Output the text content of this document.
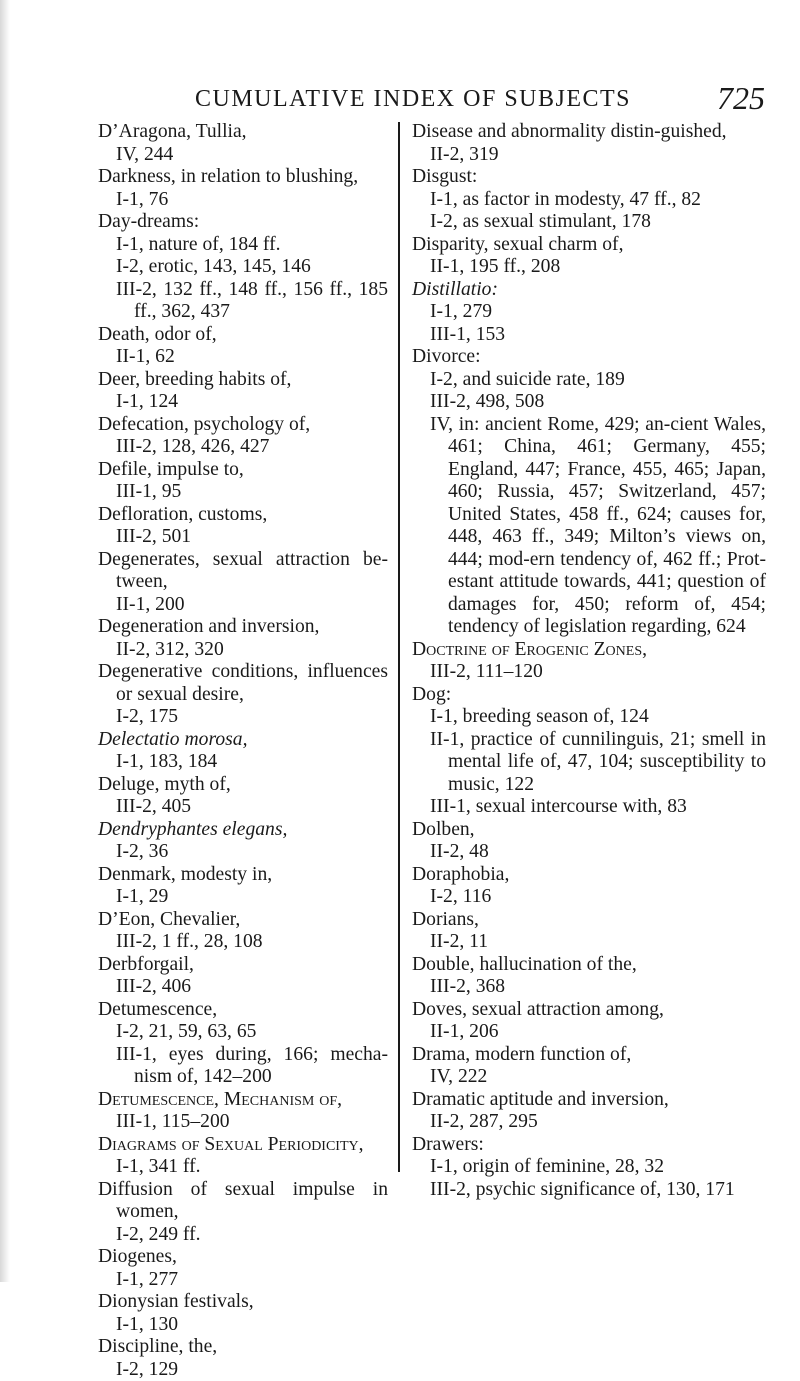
CUMULATIVE INDEX OF SUBJECTS	725
D’Aragona, Tullia,
IV, 244
Darkness, in relation to blushing,
I-1, 76
Day-dreams:
I-1, nature of, 184 ff.
I-2, erotic, 143, 145, 146
III-2, 132 ff., 148 ff., 156 ff., 185 ff., 362, 437
Death, odor of,
II-1, 62
Deer, breeding habits of,
I-1, 124
Defecation, psychology of,
III-2, 128, 426, 427
Defile, impulse to,
III-1, 95
Defloration, customs,
III-2, 501
Degenerates, sexual attraction be-tween,
II-1, 200
Degeneration and inversion,
II-2, 312, 320
Degenerative conditions, influences or sexual desire,
I-2, 175
Delectatio morosa,
I-1, 183, 184
Deluge, myth of,
III-2, 405
Dendryphantes elegans,
I-2, 36
Denmark, modesty in,
I-1, 29
D’Eon, Chevalier,
III-2, 1 ff., 28, 108
Derbforgail,
III-2, 406
Detumescence,
I-2, 21, 59, 63, 65
III-1, eyes during, 166; mecha-nism of, 142–200
Detumescence, Mechanism of,
III-1, 115–200
Diagrams of Sexual Periodicity,
I-1, 341 ff.
Diffusion of sexual impulse in women,
I-2, 249 ff.
Diogenes,
I-1, 277
Dionysian festivals,
I-1, 130
Discipline, the,
I-2, 129
Disease and abnormality distin-guished,
II-2, 319
Disgust:
I-1, as factor in modesty, 47 ff., 82
I-2, as sexual stimulant, 178
Disparity, sexual charm of,
II-1, 195 ff., 208
Distillatio:
I-1, 279
III-1, 153
Divorce:
I-2, and suicide rate, 189
III-2, 498, 508
IV, in: ancient Rome, 429; an-cient Wales, 461; China, 461; Germany, 455; England, 447; France, 455, 465; Japan, 460; Russia, 457; Switzerland, 457; United States, 458 ff., 624; causes for, 448, 463 ff., 349; Milton’s views on, 444; mod-ern tendency of, 462 ff.; Prot-estant attitude towards, 441; question of damages for, 450; reform of, 454; tendency of legislation regarding, 624
Doctrine of Erogenic Zones,
III-2, 111–120
Dog:
I-1, breeding season of, 124
II-1, practice of cunnilinguis, 21; smell in mental life of, 47, 104; susceptibility to music, 122
III-1, sexual intercourse with, 83
Dolben,
II-2, 48
Doraphobia,
I-2, 116
Dorians,
II-2, 11
Double, hallucination of the,
III-2, 368
Doves, sexual attraction among,
II-1, 206
Drama, modern function of,
IV, 222
Dramatic aptitude and inversion,
II-2, 287, 295
Drawers:
I-1, origin of feminine, 28, 32
III-2, psychic significance of, 130, 171
